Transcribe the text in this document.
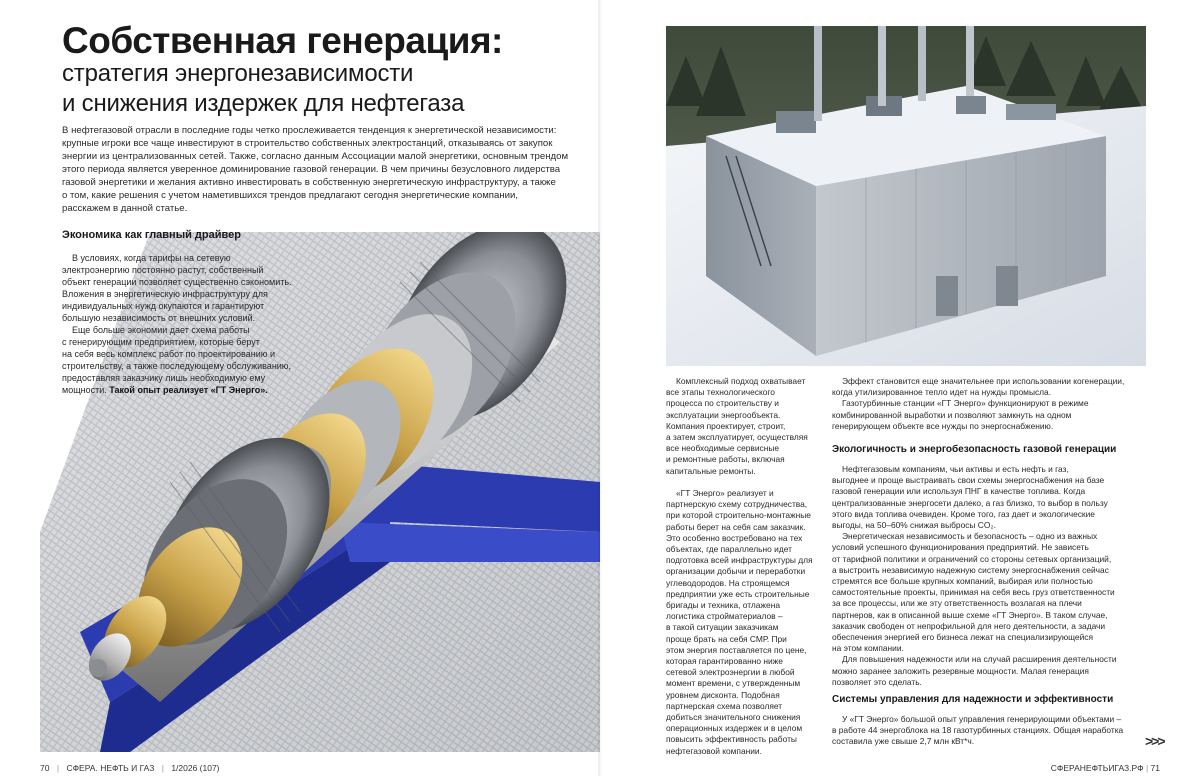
Собственная генерация:
стратегия энергонезависимости
и снижения издержек для нефтегаза

В нефтегазовой отрасли в последние годы четко прослеживается тенденция к энергетической независимости:

крупные игроки все чаще инвестируют в строительство собственных электростанций, отказываясь от закупок

энергии из централизованных сетей. Также, согласно данным Ассоциации малой энергетики, основным трендом

этого периода является уверенное доминирование газовой генерации. В чем причины безусловного лидерства

газовой энергетики и желания активно инвестировать в собственную энергетическую инфраструктуру, а также

о том, какие решения с учетом наметившихся трендов предлагают сегодня энергетические компании,

расскажем в данной статье.

Экономика как главный драйвер

В условиях, когда тарифы на сетевую

электроэнергию постоянно растут, собственный

объект генерации позволяет существенно сэкономить.

Вложения в энергетическую инфраструктуру для

индивидуальных нужд окупаются и гарантируют

большую независимость от внешних условий.

Еще больше экономии дает схема работы

с генерирующим предприятием, которые берут

на себя весь комплекс работ по проектированию и

строительству, а также последующему обслуживанию,

предоставляя заказчику лишь необходимую ему

мощности. Такой опыт реализует «ГТ Энерго».

70 | СФЕРА. НЕФТЬ И ГАЗ | 1/2026 (107)

Комплексный подход охватывает

все этапы технологического

процесса по строительству и

эксплуатации энергообъекта.

Компания проектирует, строит,

а затем эксплуатирует, осуществляя

все необходимые сервисные

и ремонтные работы, включая

капитальные ремонты.

«ГТ Энерго» реализует и

партнерскую схему сотрудничества,

при которой строительно-монтажные

работы берет на себя сам заказчик.

Это особенно востребовано на тех

объектах, где параллельно идет

подготовка всей инфраструктуры для

организации добычи и переработки

углеводородов. На строящемся

предприятии уже есть строительные

бригады и техника, отлажена

логистика стройматериалов –

в такой ситуации заказчикам

проще брать на себя СМР. При

этом энергия поставляется по цене,

которая гарантированно ниже

сетевой электроэнергии в любой

момент времени, с утвержденным

уровнем дисконта. Подобная

партнерская схема позволяет

добиться значительного снижения

операционных издержек и в целом

повысить эффективность работы

нефтегазовой компании.

Эффект становится еще значительнее при использовании когенерации,

когда утилизированное тепло идет на нужды промысла.

Газотурбинные станции «ГТ Энерго» функционируют в режиме

комбинированной выработки и позволяют замкнуть на одном

генерирующем объекте все нужды по энергоснабжению.

Экологичность и энергобезопасность газовой генерации

Нефтегазовым компаниям, чьи активы и есть нефть и газ,

выгоднее и проще выстраивать свои схемы энергоснабжения на базе

газовой генерации или используя ПНГ в качестве топлива. Когда

централизованные энергосети далеко, а газ близко, то выбор в пользу

этого вида топлива очевиден. Кроме того, газ дает и экологические

выгоды, на 50–60% снижая выбросы CO₂.

Энергетическая независимость и безопасность – одно из важных

условий успешного функционирования предприятий. Не зависеть

от тарифной политики и ограничений со стороны сетевых организаций,

а выстроить независимую надежную систему энергоснабжения сейчас

стремятся все больше крупных компаний, выбирая или полностью

самостоятельные проекты, принимая на себя весь груз ответственности

за все процессы, или же эту ответственность возлагая на плечи

партнеров, как в описанной выше схеме «ГТ Энерго». В таком случае,

заказчик свободен от непрофильной для него деятельности, а задачи

обеспечения энергией его бизнеса лежат на специализирующейся

на этом компании.

Для повышения надежности или на случай расширения деятельности

можно заранее заложить резервные мощности. Малая генерация

позволяет это сделать.

Системы управления для надежности и эффективности

У «ГТ Энерго» большой опыт управления генерирующими объектами –

в работе 44 энергоблока на 18 газотурбинных станциях. Общая наработка

составила уже свыше 2,7 млн кВт*ч.	>>>
СФЕРАНЕФТЬИГАЗ.РФ | 71
